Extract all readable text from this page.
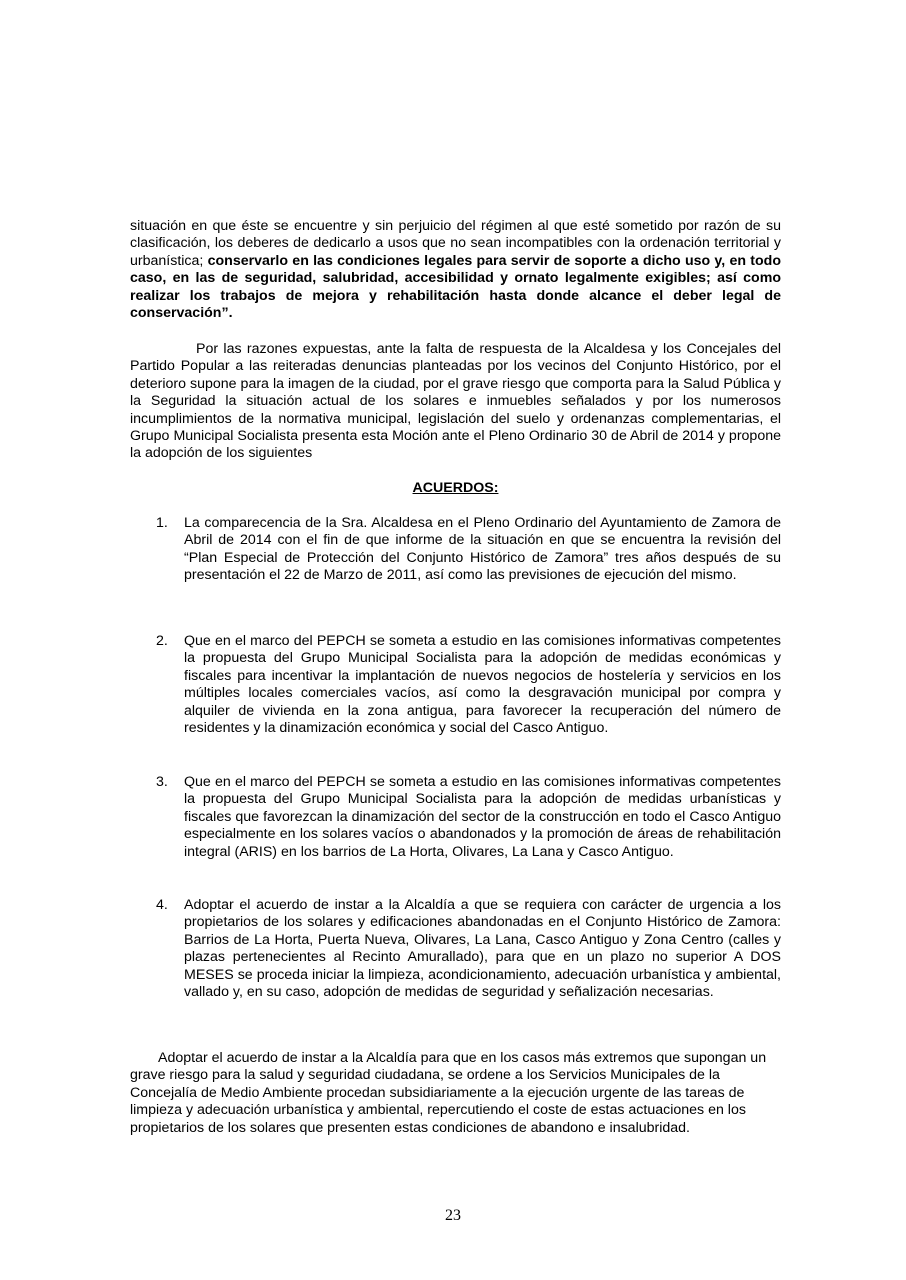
situación en que éste se encuentre y sin perjuicio del régimen al que esté sometido por razón de su clasificación, los deberes de dedicarlo a usos que no sean incompatibles con la ordenación territorial y urbanística; conservarlo en las condiciones legales para servir de soporte a dicho uso y, en todo caso, en las de seguridad, salubridad, accesibilidad y ornato legalmente exigibles; así como realizar los trabajos de mejora y rehabilitación hasta donde alcance el deber legal de conservación”.

Por las razones expuestas, ante la falta de respuesta de la Alcaldesa y los Concejales del Partido Popular a las reiteradas denuncias planteadas por los vecinos del Conjunto Histórico, por el deterioro supone para la imagen de la ciudad, por el grave riesgo que comporta para la Salud Pública y la Seguridad la situación actual de los solares e inmuebles señalados y por los numerosos incumplimientos de la normativa municipal, legislación del suelo y ordenanzas complementarias, el Grupo Municipal Socialista presenta esta Moción ante el Pleno Ordinario 30 de Abril de 2014 y propone la adopción de los siguientes

ACUERDOS:

1. La comparecencia de la Sra. Alcaldesa en el Pleno Ordinario del Ayuntamiento de Zamora de Abril de 2014 con el fin de que informe de la situación en que se encuentra la revisión del “Plan Especial de Protección del Conjunto Histórico de Zamora” tres años después de su presentación el 22 de Marzo de 2011, así como las previsiones de ejecución del mismo.
2. Que en el marco del PEPCH se someta a estudio en las comisiones informativas competentes la propuesta del Grupo Municipal Socialista para la adopción de medidas económicas y fiscales para incentivar la implantación de nuevos negocios de hostelería y servicios en los múltiples locales comerciales vacíos, así como la desgravación municipal por compra y alquiler de vivienda en la zona antigua, para favorecer la recuperación del número de residentes y la dinamización económica y social del Casco Antiguo.
3. Que en el marco del PEPCH se someta a estudio en las comisiones informativas competentes la propuesta del Grupo Municipal Socialista para la adopción de medidas urbanísticas y fiscales que favorezcan la dinamización del sector de la construcción en todo el Casco Antiguo especialmente en los solares vacíos o abandonados y la promoción de áreas de rehabilitación integral (ARIS) en los barrios de La Horta, Olivares, La Lana y Casco Antiguo.
4. Adoptar el acuerdo de instar a la Alcaldía a que se requiera con carácter de urgencia a los propietarios de los solares y edificaciones abandonadas en el Conjunto Histórico de Zamora: Barrios de La Horta, Puerta Nueva, Olivares, La Lana, Casco Antiguo y Zona Centro (calles y plazas pertenecientes al Recinto Amurallado), para que en un plazo no superior A DOS MESES se proceda iniciar la limpieza, acondicionamiento, adecuación urbanística y ambiental, vallado y, en su caso, adopción de medidas de seguridad y señalización necesarias.

Adoptar el acuerdo de instar a la Alcaldía para que en los casos más extremos que supongan un grave riesgo para la salud y seguridad ciudadana, se ordene a los Servicios Municipales de la Concejalía de Medio Ambiente procedan subsidiariamente a la ejecución urgente de las tareas de limpieza y adecuación urbanística y ambiental, repercutiendo el coste de estas actuaciones en los propietarios de los solares que presenten estas condiciones de abandono e insalubridad.

23
